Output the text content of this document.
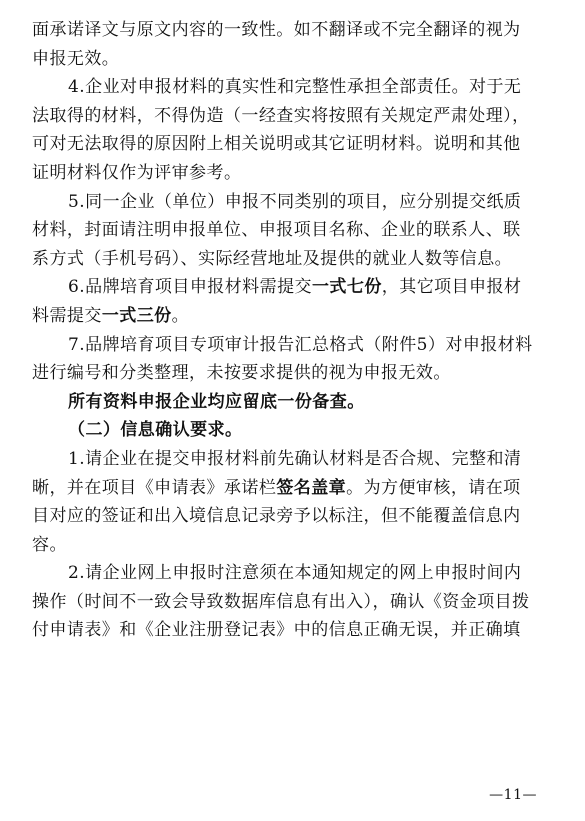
面承诺译文与原文内容的一致性。如不翻译或不完全翻译的视为
申报无效。
4.企业对申报材料的真实性和完整性承担全部责任。对于无
法取得的材料，不得伪造（一经查实将按照有关规定严肃处理），
可对无法取得的原因附上相关说明或其它证明材料。说明和其他
证明材料仅作为评审参考。
5.同一企业（单位）申报不同类别的项目，应分别提交纸质
材料，封面请注明申报单位、申报项目名称、企业的联系人、联
系方式（手机号码）、实际经营地址及提供的就业人数等信息。
6.品牌培育项目申报材料需提交一式七份，其它项目申报材
料需提交一式三份。
7.品牌培育项目专项审计报告汇总格式（附件5）对申报材料
进行编号和分类整理，未按要求提供的视为申报无效。
所有资料申报企业均应留底一份备查。
（二）信息确认要求。
1.请企业在提交申报材料前先确认材料是否合规、完整和清
晰，并在项目《申请表》承诺栏签名盖章。为方便审核，请在项
目对应的签证和出入境信息记录旁予以标注，但不能覆盖信息内
容。
2.请企业网上申报时注意须在本通知规定的网上申报时间内
操作（时间不一致会导致数据库信息有出入），确认《资金项目拨
付申请表》和《企业注册登记表》中的信息正确无误，并正确填
—11—
